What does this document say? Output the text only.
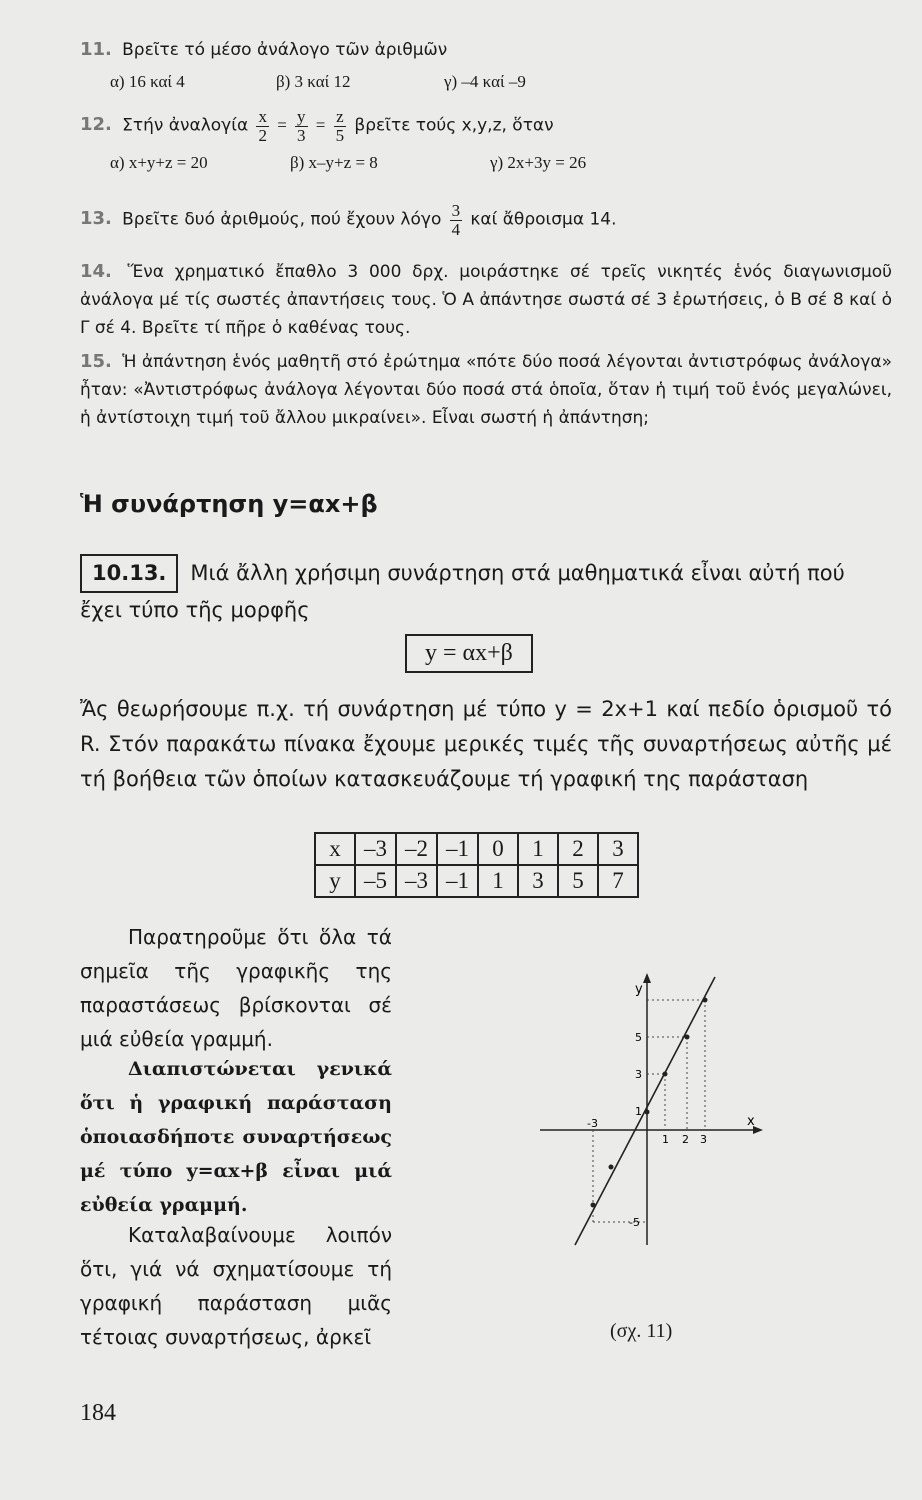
11. Βρεῖτε τό μέσο ἀνάλογο τῶν ἀριθμῶν
α) 16 καί 4	β) 3 καί 12	γ) –4 καί –9
12. Στήν ἀναλογία $\frac{x}{2} = \frac{y}{3} = \frac{z}{5}$ βρεῖτε τούς x,y,z, ὅταν
α) x+y+z = 20	β) x–y+z = 8	γ) 2x+3y = 26
13. Βρεῖτε δυό ἀριθμούς, πού ἔχουν λόγο $\frac{3}{4}$ καί ἄθροισμα 14.
14. Ἕνα χρηματικό ἔπαθλο 3 000 δρχ. μοιράστηκε σέ τρεῖς νικητές ἑνός διαγωνισμοῦ ἀνάλογα μέ τίς σωστές ἀπαντήσεις τους. Ὁ Α ἀπάντησε σωστά σέ 3 ἐρωτήσεις, ὁ Β σέ 8 καί ὁ Γ σέ 4. Βρεῖτε τί πῆρε ὁ καθένας τους.
15. Ἡ ἀπάντηση ἑνός μαθητῆ στό ἐρώτημα «πότε δύο ποσά λέγονται ἀντιστρόφως ἀνάλογα» ἦταν: «Ἀντιστρόφως ἀνάλογα λέγονται δύο ποσά στά ὁποῖα, ὅταν ἡ τιμή τοῦ ἑνός μεγαλώνει, ἡ ἀντίστοιχη τιμή τοῦ ἄλλου μικραίνει». Εἶναι σωστή ἡ ἀπάντηση;
Ἡ συνάρτηση y=αx+β
10.13. Μιά ἄλλη χρήσιμη συνάρτηση στά μαθηματικά εἶναι αὐτή πού ἔχει τύπο τῆς μορφῆς
y = αx+β
Ἄς θεωρήσουμε π.χ. τή συνάρτηση μέ τύπο y = 2x+1 καί πεδίο ὁρισμοῦ τό R. Στόν παρακάτω πίνακα ἔχουμε μερικές τιμές τῆς συναρτήσεως αὐτῆς μέ τή βοήθεια τῶν ὁποίων κατασκευάζουμε τή γραφική της παράσταση
x	–3	–2	–1	0	1	2	3
y	–5	–3	–1	1	3	5	7
Παρατηροῦμε ὅτι ὅλα τά σημεῖα τῆς γραφικῆς της παραστάσεως βρίσκονται σέ μιά εὐθεία γραμμή.
Διαπιστώνεται γενικά ὅτι ἡ γραφική παράσταση ὁποιασδήποτε συναρτήσεως μέ τύπο y=αx+β εἶναι μιά εὐθεία γραμμή.
Καταλαβαίνουμε λοιπόν ὅτι, γιά νά σχηματίσουμε τή γραφική παράσταση μιᾶς τέτοιας συναρτήσεως, ἀρκεῖ
y
x
-3
1 2 3
5
3
1
-5
(σχ. 11)
184
